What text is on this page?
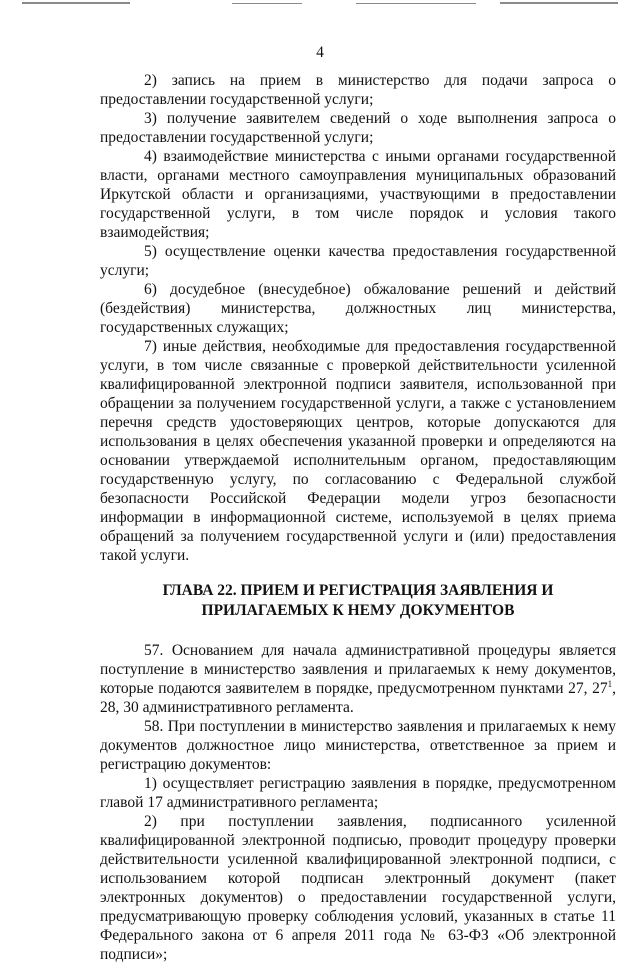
4

2) запись на прием в министерство для подачи запроса о предоставлении государственной услуги;

3) получение заявителем сведений о ходе выполнения запроса о предоставлении государственной услуги;

4) взаимодействие министерства с иными органами государственной власти, органами местного самоуправления муниципальных образований Иркутской области и организациями, участвующими в предоставлении государственной услуги, в том числе порядок и условия такого взаимодействия;

5) осуществление оценки качества предоставления государственной услуги;

6) досудебное (внесудебное) обжалование решений и действий (бездействия) министерства, должностных лиц министерства, государственных служащих;

7) иные действия, необходимые для предоставления государственной услуги, в том числе связанные с проверкой действительности усиленной квалифицированной электронной подписи заявителя, использованной при обращении за получением государственной услуги, а также с установлением перечня средств удостоверяющих центров, которые допускаются для использования в целях обеспечения указанной проверки и определяются на основании утверждаемой исполнительным органом, предоставляющим государственную услугу, по согласованию с Федеральной службой безопасности Российской Федерации модели угроз безопасности информации в информационной системе, используемой в целях приема обращений за получением государственной услуги и (или) предоставления такой услуги.

ГЛАВА 22. ПРИЕМ И РЕГИСТРАЦИЯ ЗАЯВЛЕНИЯ И ПРИЛАГАЕМЫХ К НЕМУ ДОКУМЕНТОВ

57. Основанием для начала административной процедуры является поступление в министерство заявления и прилагаемых к нему документов, которые подаются заявителем в порядке, предусмотренном пунктами 27, $27^1$, 28, 30 административного регламента.

58. При поступлении в министерство заявления и прилагаемых к нему документов должностное лицо министерства, ответственное за прием и регистрацию документов:

1) осуществляет регистрацию заявления в порядке, предусмотренном главой 17 административного регламента;

2) при поступлении заявления, подписанного усиленной квалифицированной электронной подписью, проводит процедуру проверки действительности усиленной квалифицированной электронной подписи, с использованием которой подписан электронный документ (пакет электронных документов) о предоставлении государственной услуги, предусматривающую проверку соблюдения условий, указанных в статье 11 Федерального закона от 6 апреля 2011 года № 63-ФЗ «Об электронной подписи»;
